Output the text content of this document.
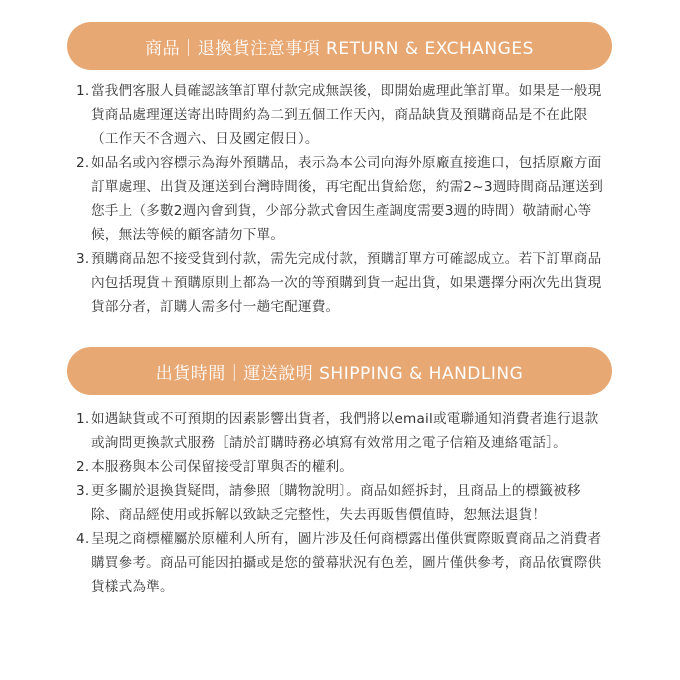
商品｜退換貨注意事項 RETURN & EXCHANGES
1. 當我們客服人員確認該筆訂單付款完成無誤後，即開始處理此筆訂單。如果是一般現貨商品處理運送寄出時間約為二到五個工作天內，商品缺貨及預購商品是不在此限（工作天不含週六、日及國定假日）。
2. 如品名或內容標示為海外預購品，表示為本公司向海外原廠直接進口，包括原廠方面訂單處理、出貨及運送到台灣時間後，再宅配出貨給您，約需2~3週時間商品運送到您手上（多數2週內會到貨，少部分款式會因生產調度需要3週的時間）敬請耐心等候，無法等候的顧客請勿下單。
3. 預購商品恕不接受貨到付款，需先完成付款，預購訂單方可確認成立。若下訂單商品內包括現貨＋預購原則上都為一次的等預購到貨一起出貨，如果選擇分兩次先出貨現貨部分者，訂購人需多付一趟宅配運費。
出貨時間｜運送說明 SHIPPING & HANDLING
1. 如遇缺貨或不可預期的因素影響出貨者，我們將以email或電聯通知消費者進行退款或詢問更換款式服務［請於訂購時務必填寫有效常用之電子信箱及連絡電話］。
2. 本服務與本公司保留接受訂單與否的權利。
3. 更多關於退換貨疑問，請參照〔購物說明〕。商品如經拆封，且商品上的標籤被移除、商品經使用或拆解以致缺乏完整性，失去再販售價值時，恕無法退貨！
4. 呈現之商標權屬於原權利人所有，圖片涉及任何商標露出僅供實際販賣商品之消費者購買參考。商品可能因拍攝或是您的螢幕狀況有色差，圖片僅供參考，商品依實際供貨樣式為準。
